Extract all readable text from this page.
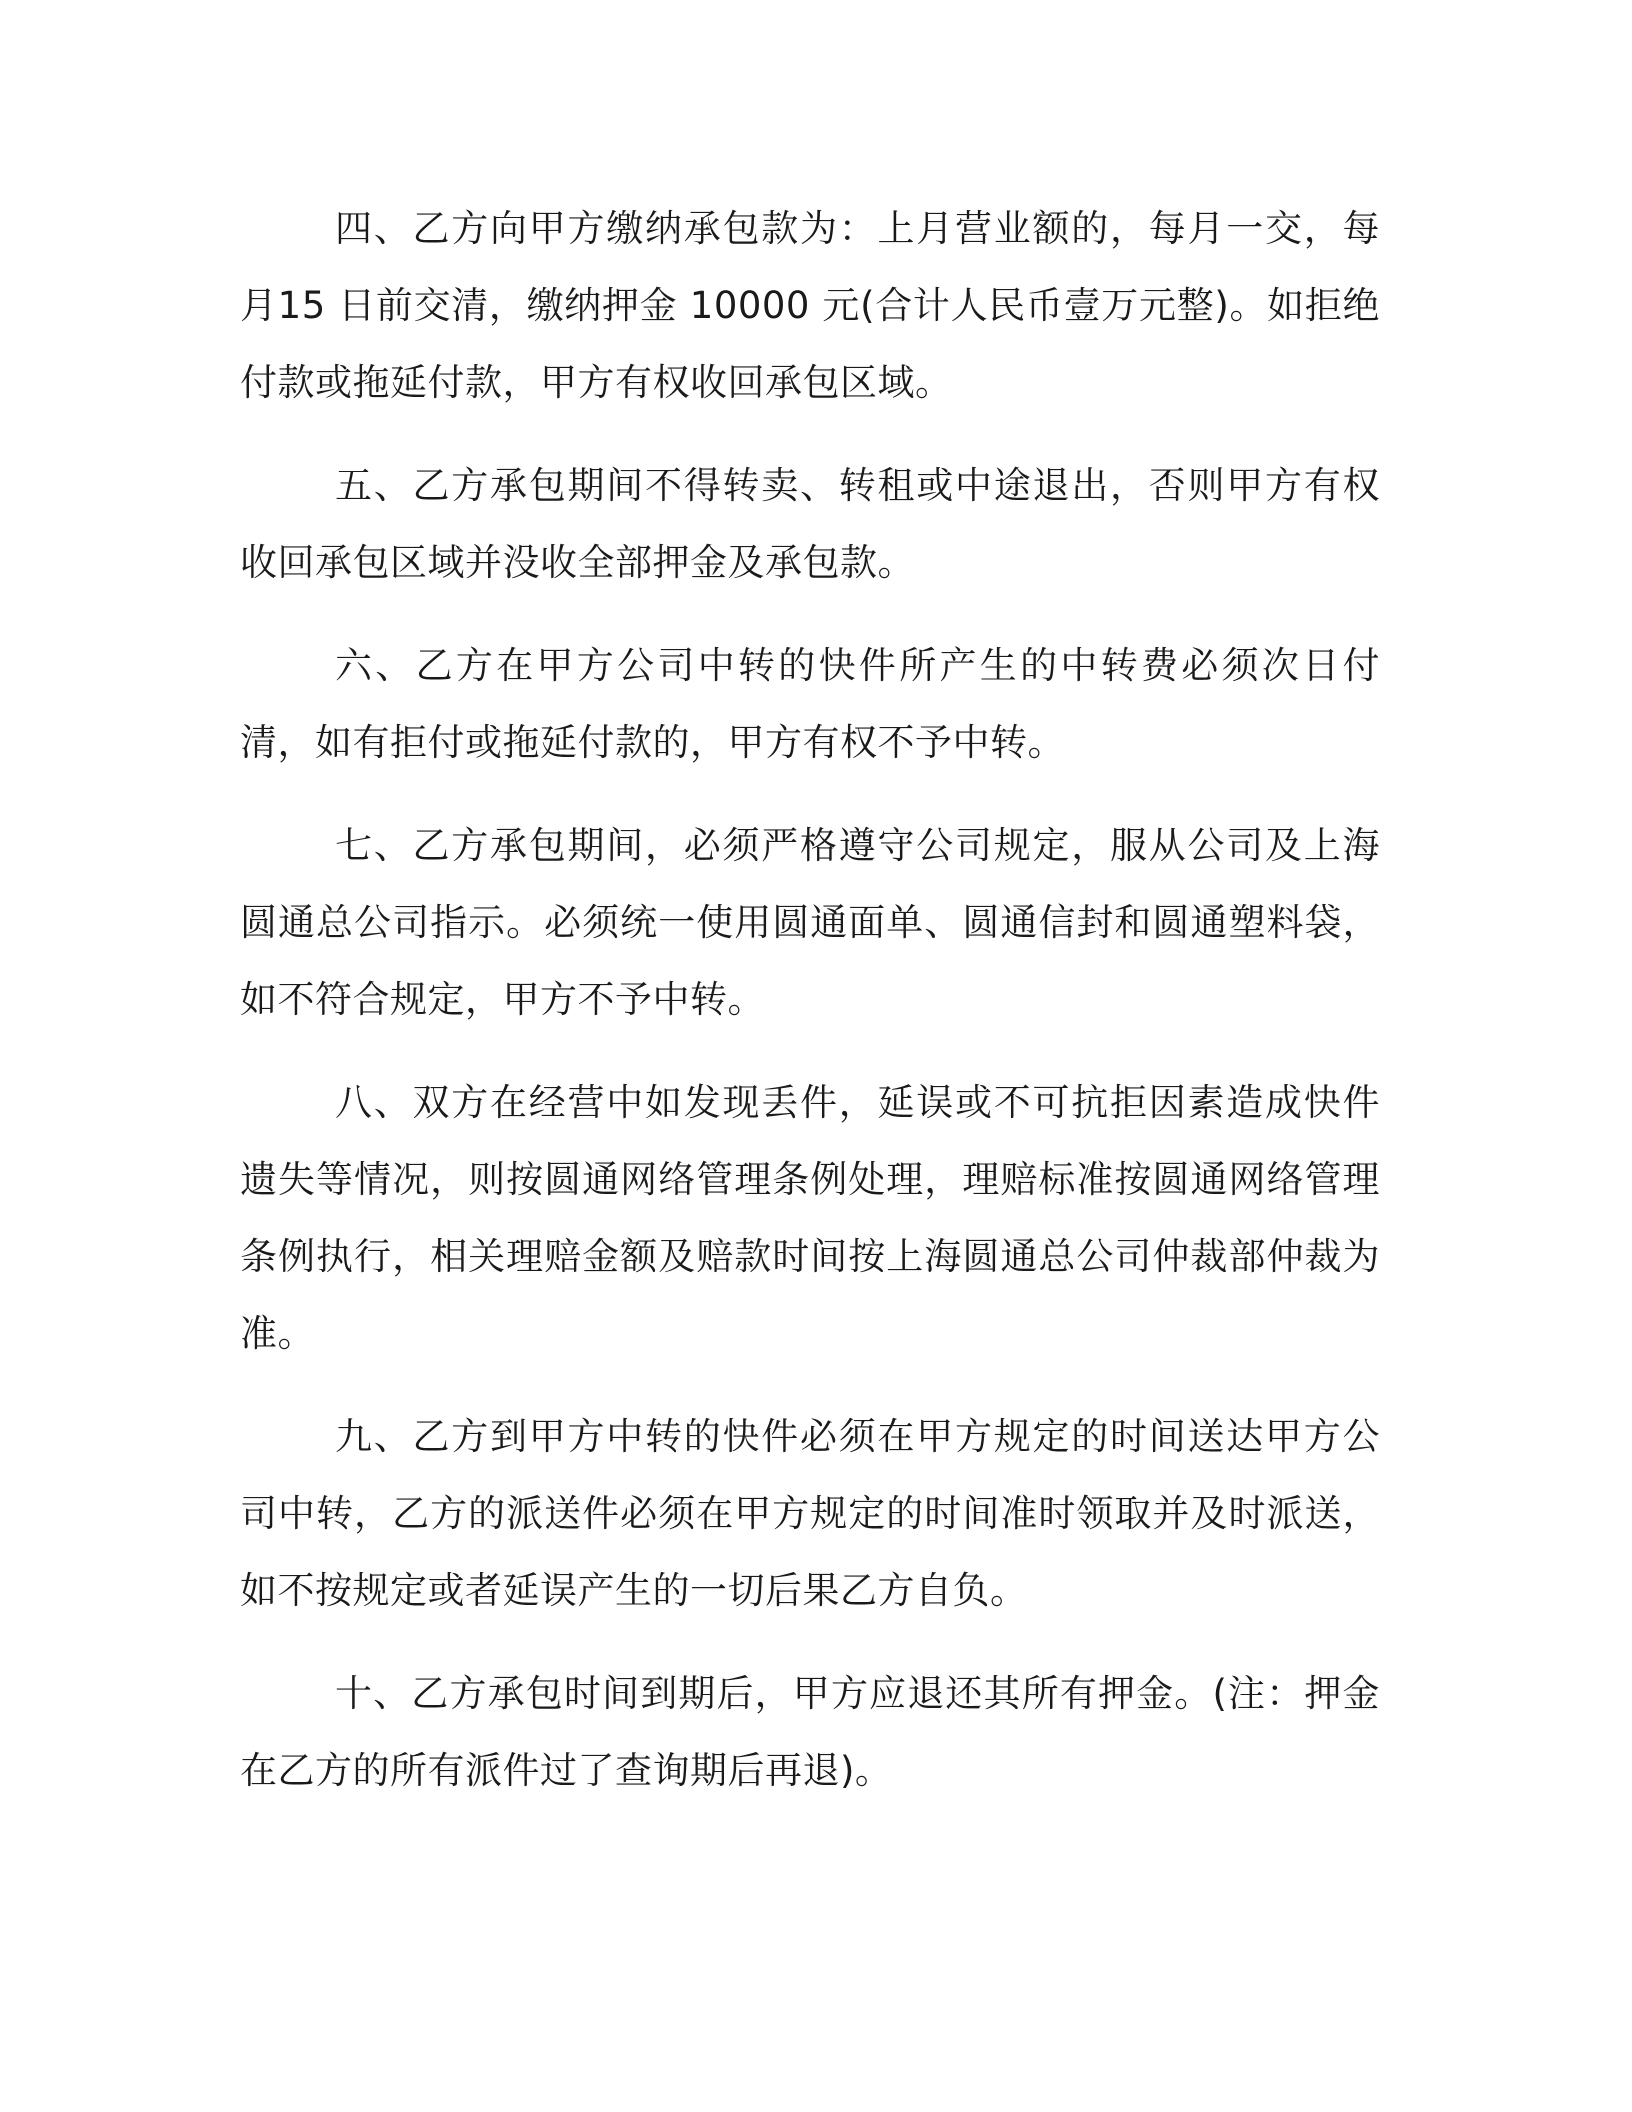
四、乙方向甲方缴纳承包款为：上月营业额的，每月一交，每月15 日前交清，缴纳押金 10000 元(合计人民币壹万元整)。如拒绝付款或拖延付款，甲方有权收回承包区域。

五、乙方承包期间不得转卖、转租或中途退出，否则甲方有权收回承包区域并没收全部押金及承包款。

六、乙方在甲方公司中转的快件所产生的中转费必须次日付清，如有拒付或拖延付款的，甲方有权不予中转。

七、乙方承包期间，必须严格遵守公司规定，服从公司及上海圆通总公司指示。必须统一使用圆通面单、圆通信封和圆通塑料袋，如不符合规定，甲方不予中转。

八、双方在经营中如发现丢件，延误或不可抗拒因素造成快件遗失等情况，则按圆通网络管理条例处理，理赔标准按圆通网络管理条例执行，相关理赔金额及赔款时间按上海圆通总公司仲裁部仲裁为准。

九、乙方到甲方中转的快件必须在甲方规定的时间送达甲方公司中转，乙方的派送件必须在甲方规定的时间准时领取并及时派送，如不按规定或者延误产生的一切后果乙方自负。

十、乙方承包时间到期后，甲方应退还其所有押金。(注：押金在乙方的所有派件过了查询期后再退)。
